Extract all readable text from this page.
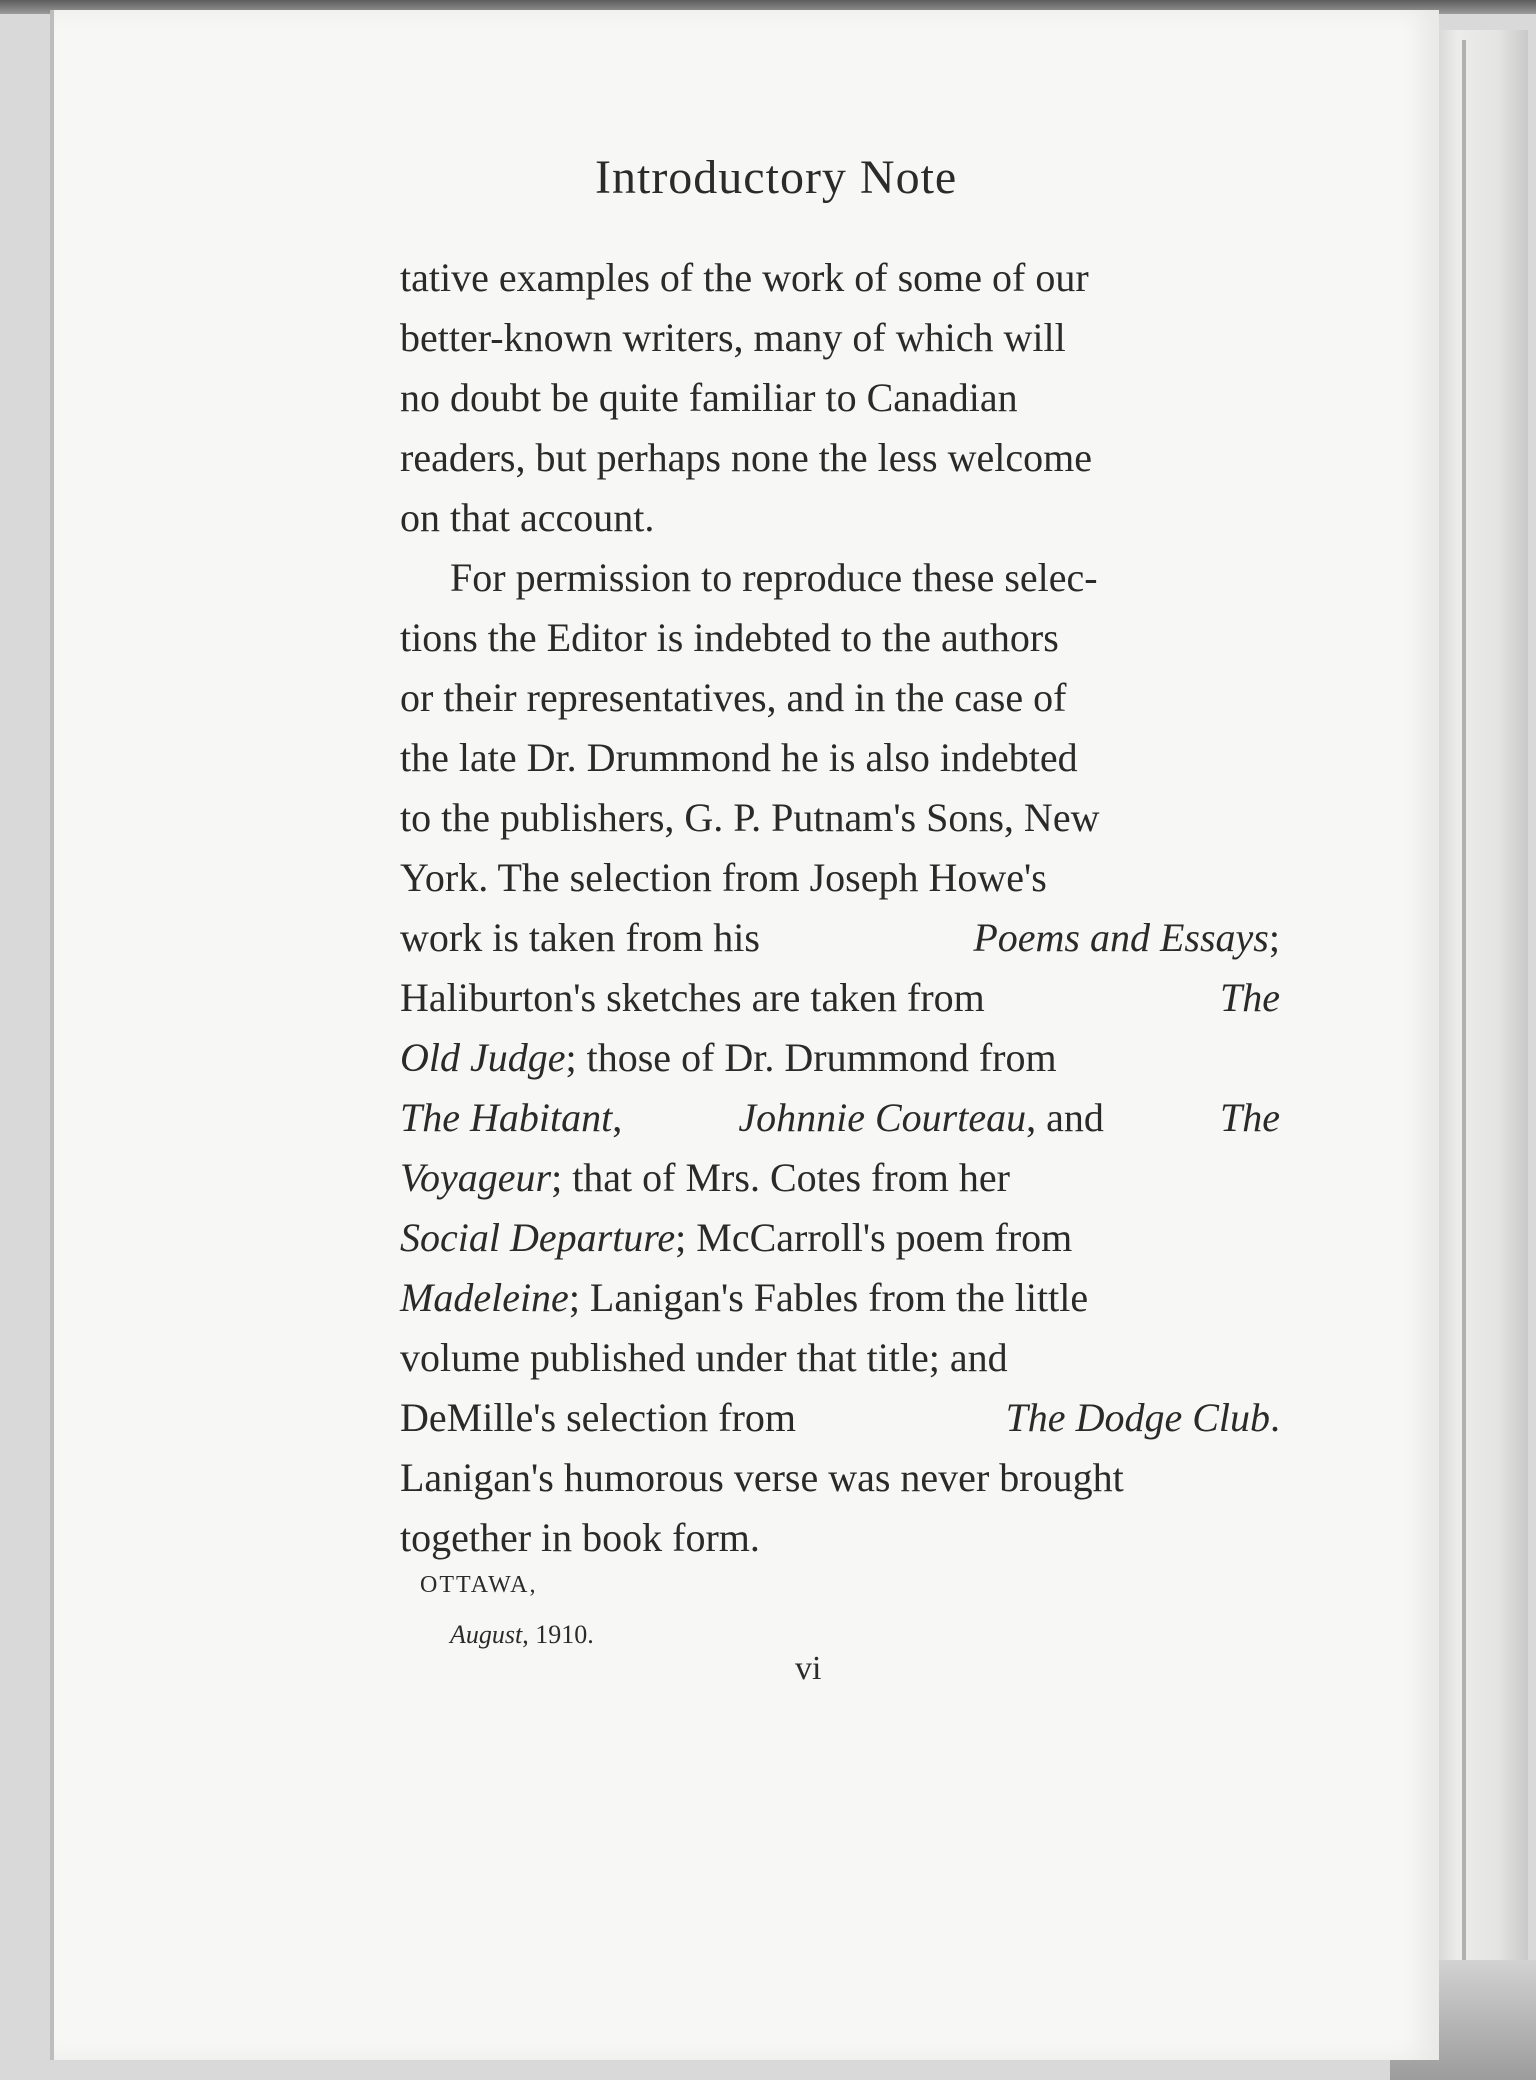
Introductory Note
tative examples of the work of some of our
better-known writers, many of which will
no doubt be quite familiar to Canadian
readers, but perhaps none the less welcome
on that account.
For permission to reproduce these selec-
tions the Editor is indebted to the authors
or their representatives, and in the case of
the late Dr. Drummond he is also indebted
to the publishers, G. P. Putnam's Sons, New
York. The selection from Joseph Howe's
work is taken from his	Poems and Essays;
Haliburton's sketches are taken from	The
Old Judge; those of Dr. Drummond from
The Habitant,	Johnnie Courteau, and	The
Voyageur; that of Mrs. Cotes from her
Social Departure; McCarroll's poem from
Madeleine; Lanigan's Fables from the little
volume published under that title; and
DeMille's selection from	The Dodge Club.
Lanigan's humorous verse was never brought
together in book form.
OTTAWA,
August, 1910.
vi
